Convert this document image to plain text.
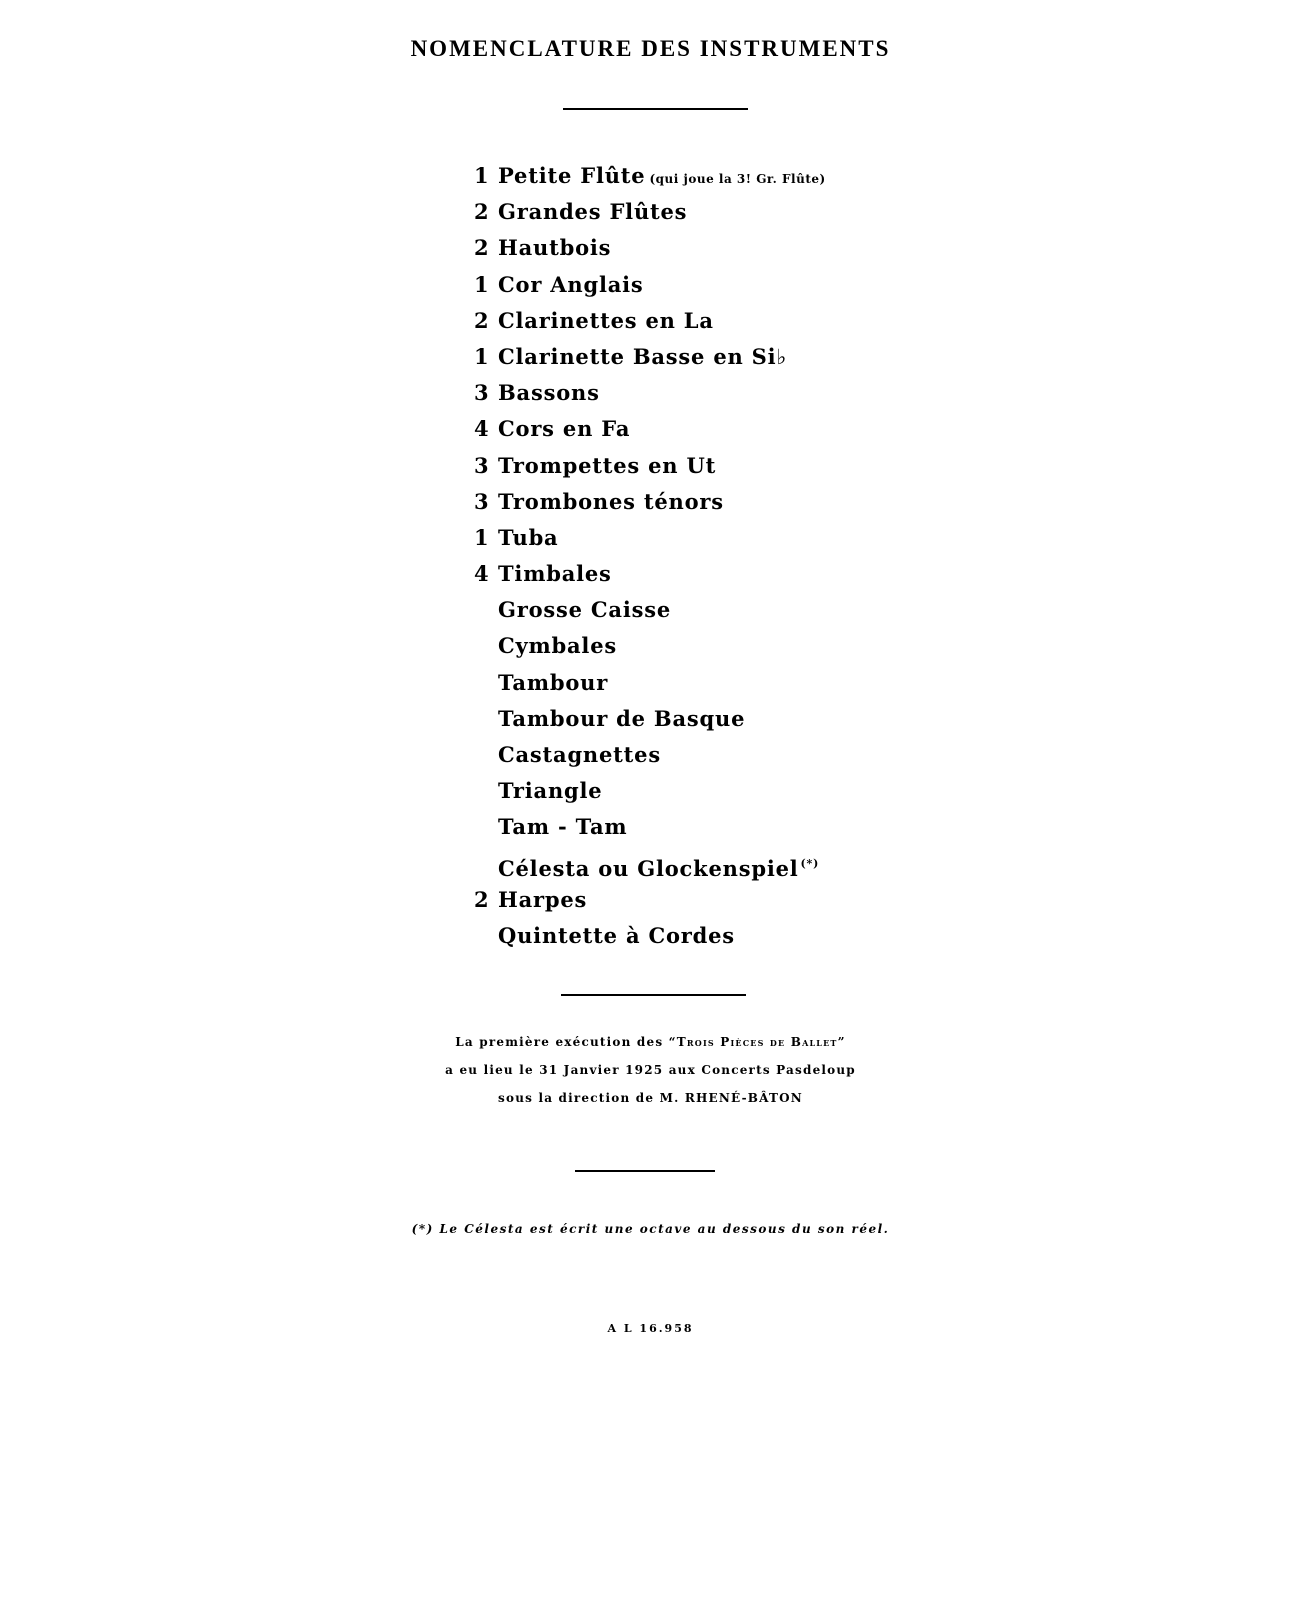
NOMENCLATURE DES INSTRUMENTS
1 Petite Flûte (qui joue la 3! Gr. Flûte)
2 Grandes Flûtes
2 Hautbois
1 Cor Anglais
2 Clarinettes en La
1 Clarinette Basse en Si♭
3 Bassons
4 Cors en Fa
3 Trompettes en Ut
3 Trombones ténors
1 Tuba
4 Timbales
Grosse Caisse
Cymbales
Tambour
Tambour de Basque
Castagnettes
Triangle
Tam - Tam
Célesta ou Glockenspiel (*)
2 Harpes
Quintette à Cordes
La première exécution des “Trois Pièces de Ballet”
a eu lieu le 31 Janvier 1925 aux Concerts Pasdeloup
sous la direction de M. RHENÉ-BÂTON
(*) Le Célesta est écrit une octave au dessous du son réel.
A L 16.958
